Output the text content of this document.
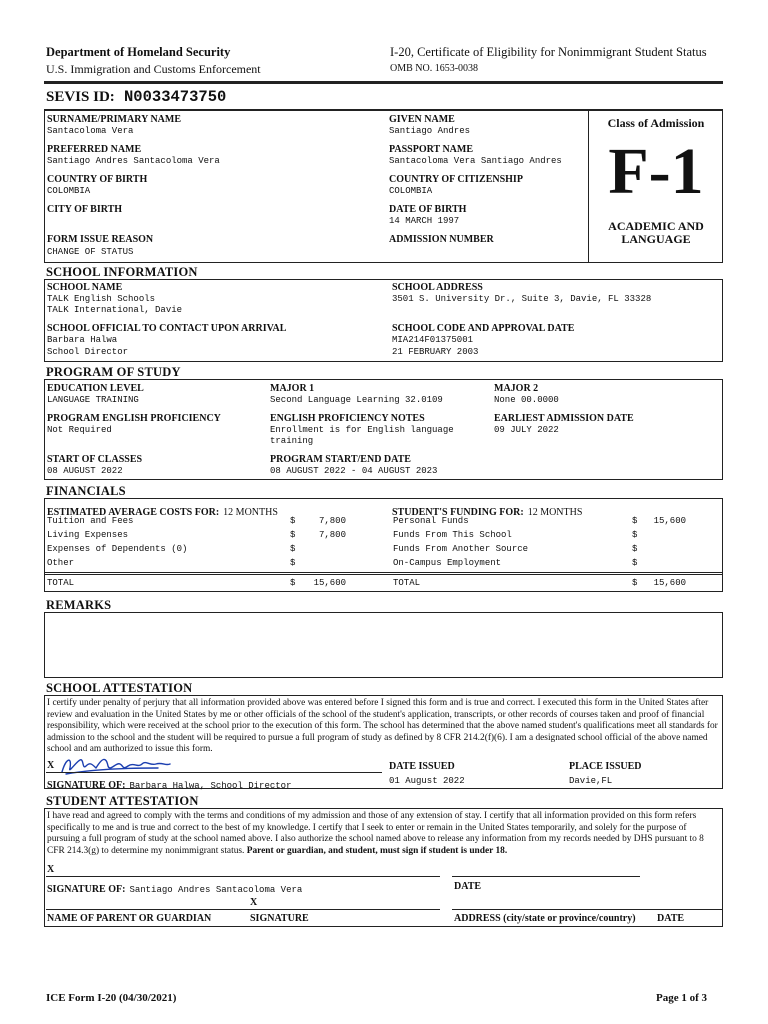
Department of Homeland Security
U.S. Immigration and Customs Enforcement
I-20, Certificate of Eligibility for Nonimmigrant Student Status
OMB NO. 1653-0038
SEVIS ID: N0033473750
SURNAME/PRIMARY NAME
Santacoloma Vera
GIVEN NAME
Santiago Andres
PREFERRED NAME
Santiago Andres Santacoloma Vera
PASSPORT NAME
Santacoloma Vera Santiago Andres
COUNTRY OF BIRTH
COLOMBIA
COUNTRY OF CITIZENSHIP
COLOMBIA
CITY OF BIRTH	DATE OF BIRTH
14 MARCH 1997
FORM ISSUE REASON
CHANGE OF STATUS
ADMISSION NUMBER
Class of Admission
F-1
ACADEMIC AND
LANGUAGE
SCHOOL INFORMATION
SCHOOL NAME
TALK English Schools
TALK International, Davie
SCHOOL ADDRESS
3501 S. University Dr., Suite 3, Davie, FL 33328
SCHOOL OFFICIAL TO CONTACT UPON ARRIVAL
Barbara Halwa
School Director
SCHOOL CODE AND APPROVAL DATE
MIA214F01375001
21 FEBRUARY 2003
PROGRAM OF STUDY
EDUCATION LEVEL
LANGUAGE TRAINING
MAJOR 1
Second Language Learning 32.0109
MAJOR 2
None 00.0000
PROGRAM ENGLISH PROFICIENCY
Not Required
ENGLISH PROFICIENCY NOTES
Enrollment is for English language
training
EARLIEST ADMISSION DATE
09 JULY 2022
START OF CLASSES
08 AUGUST 2022
PROGRAM START/END DATE
08 AUGUST 2022 - 04 AUGUST 2023
FINANCIALS
ESTIMATED AVERAGE COSTS FOR: 12 MONTHS	STUDENT'S FUNDING FOR: 12 MONTHS
Tuition and Fees	$	7,800
Living Expenses	$	7,800
Expenses of Dependents (0)	$
Other	$
Personal Funds	$	15,600
Funds From This School	$
Funds From Another Source	$
On-Campus Employment	$
TOTAL	$	15,600	TOTAL	$	15,600
REMARKS
SCHOOL ATTESTATION
I certify under penalty of perjury that all information provided above was entered before I signed this form and is true and correct. I executed this form in the United States after review and evaluation in the United States by me or other officials of the school of the student's application, transcripts, or other records of courses taken and proof of financial responsibility, which were received at the school prior to the execution of this form. The school has determined that the above named student's qualifications meet all standards for admission to the school and the student will be required to pursue a full program of study as defined by 8 CFR 214.2(f)(6). I am a designated school official of the above named school and am authorized to issue this form.
X	DATE ISSUED	PLACE ISSUED
SIGNATURE OF: Barbara Halwa, School Director	01 August 2022	Davie,FL
STUDENT ATTESTATION
I have read and agreed to comply with the terms and conditions of my admission and those of any extension of stay. I certify that all information provided on this form refers specifically to me and is true and correct to the best of my knowledge. I certify that I seek to enter or remain in the United States temporarily, and solely for the purpose of pursuing a full program of study at the school named above. I also authorize the school named above to release any information from my records needed by DHS pursuant to 8 CFR 214.3(g) to determine my nonimmigrant status. Parent or guardian, and student, must sign if student is under 18.
X
SIGNATURE OF: Santiago Andres Santacoloma Vera	DATE
X
NAME OF PARENT OR GUARDIAN	SIGNATURE	ADDRESS (city/state or province/country) DATE
ICE Form I-20 (04/30/2021)	Page 1 of 3
